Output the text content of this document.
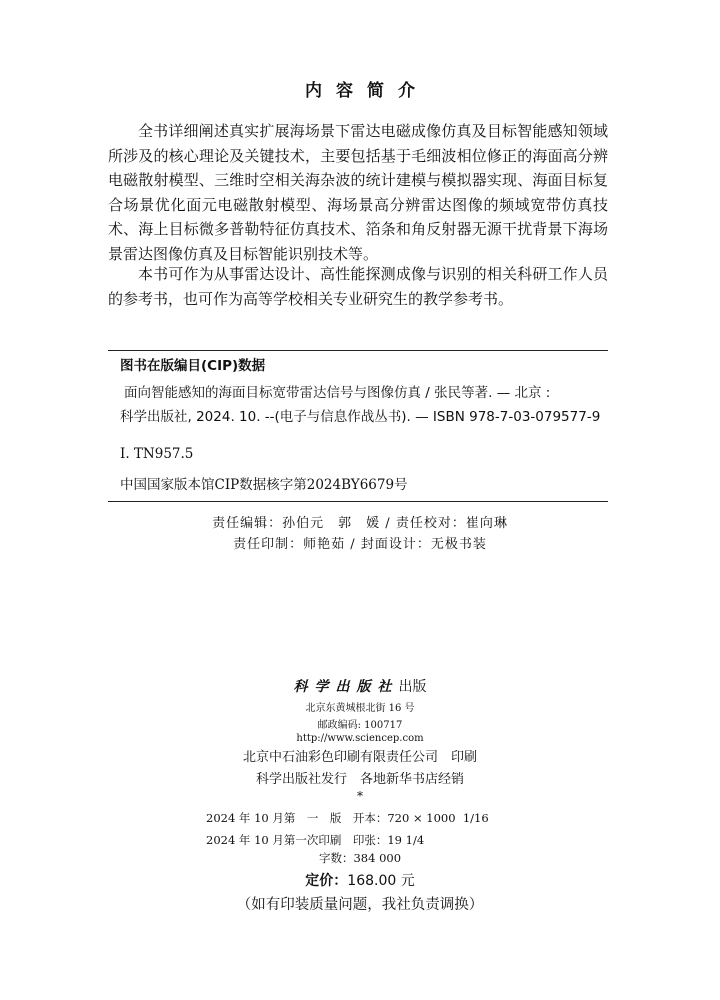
内容简介

全书详细阐述真实扩展海场景下雷达电磁成像仿真及目标智能感知领域所涉及的核心理论及关键技术，主要包括基于毛细波相位修正的海面高分辨电磁散射模型、三维时空相关海杂波的统计建模与模拟器实现、海面目标复合场景优化面元电磁散射模型、海场景高分辨雷达图像的频域宽带仿真技术、海上目标微多普勒特征仿真技术、箔条和角反射器无源干扰背景下海场景雷达图像仿真及目标智能识别技术等。

本书可作为从事雷达设计、高性能探测成像与识别的相关科研工作人员的参考书，也可作为高等学校相关专业研究生的教学参考书。

图书在版编目(CIP)数据
面向智能感知的海面目标宽带雷达信号与图像仿真 / 张民等著. — 北京 :
科学出版社, 2024. 10. --(电子与信息作战丛书). — ISBN 978-7-03-079577-9
Ⅰ. TN957.5
中国国家版本馆CIP数据核字第2024BY6679号
责任编辑：孙伯元　郭　媛 / 责任校对：崔向琳
责任印制：师艳茹 / 封面设计：无极书装
科学出版社出版
北京东黄城根北街 16 号
邮政编码: 100717
http://www.sciencep.com
北京中石油彩色印刷有限责任公司　印刷
科学出版社发行　各地新华书店经销
*
2024 年 10 月第　一　版　开本：720 × 1000  1/16
2024 年 10 月第一次印刷　印张：19 1/4
字数：384 000
定价：168.00 元
（如有印装质量问题，我社负责调换）
